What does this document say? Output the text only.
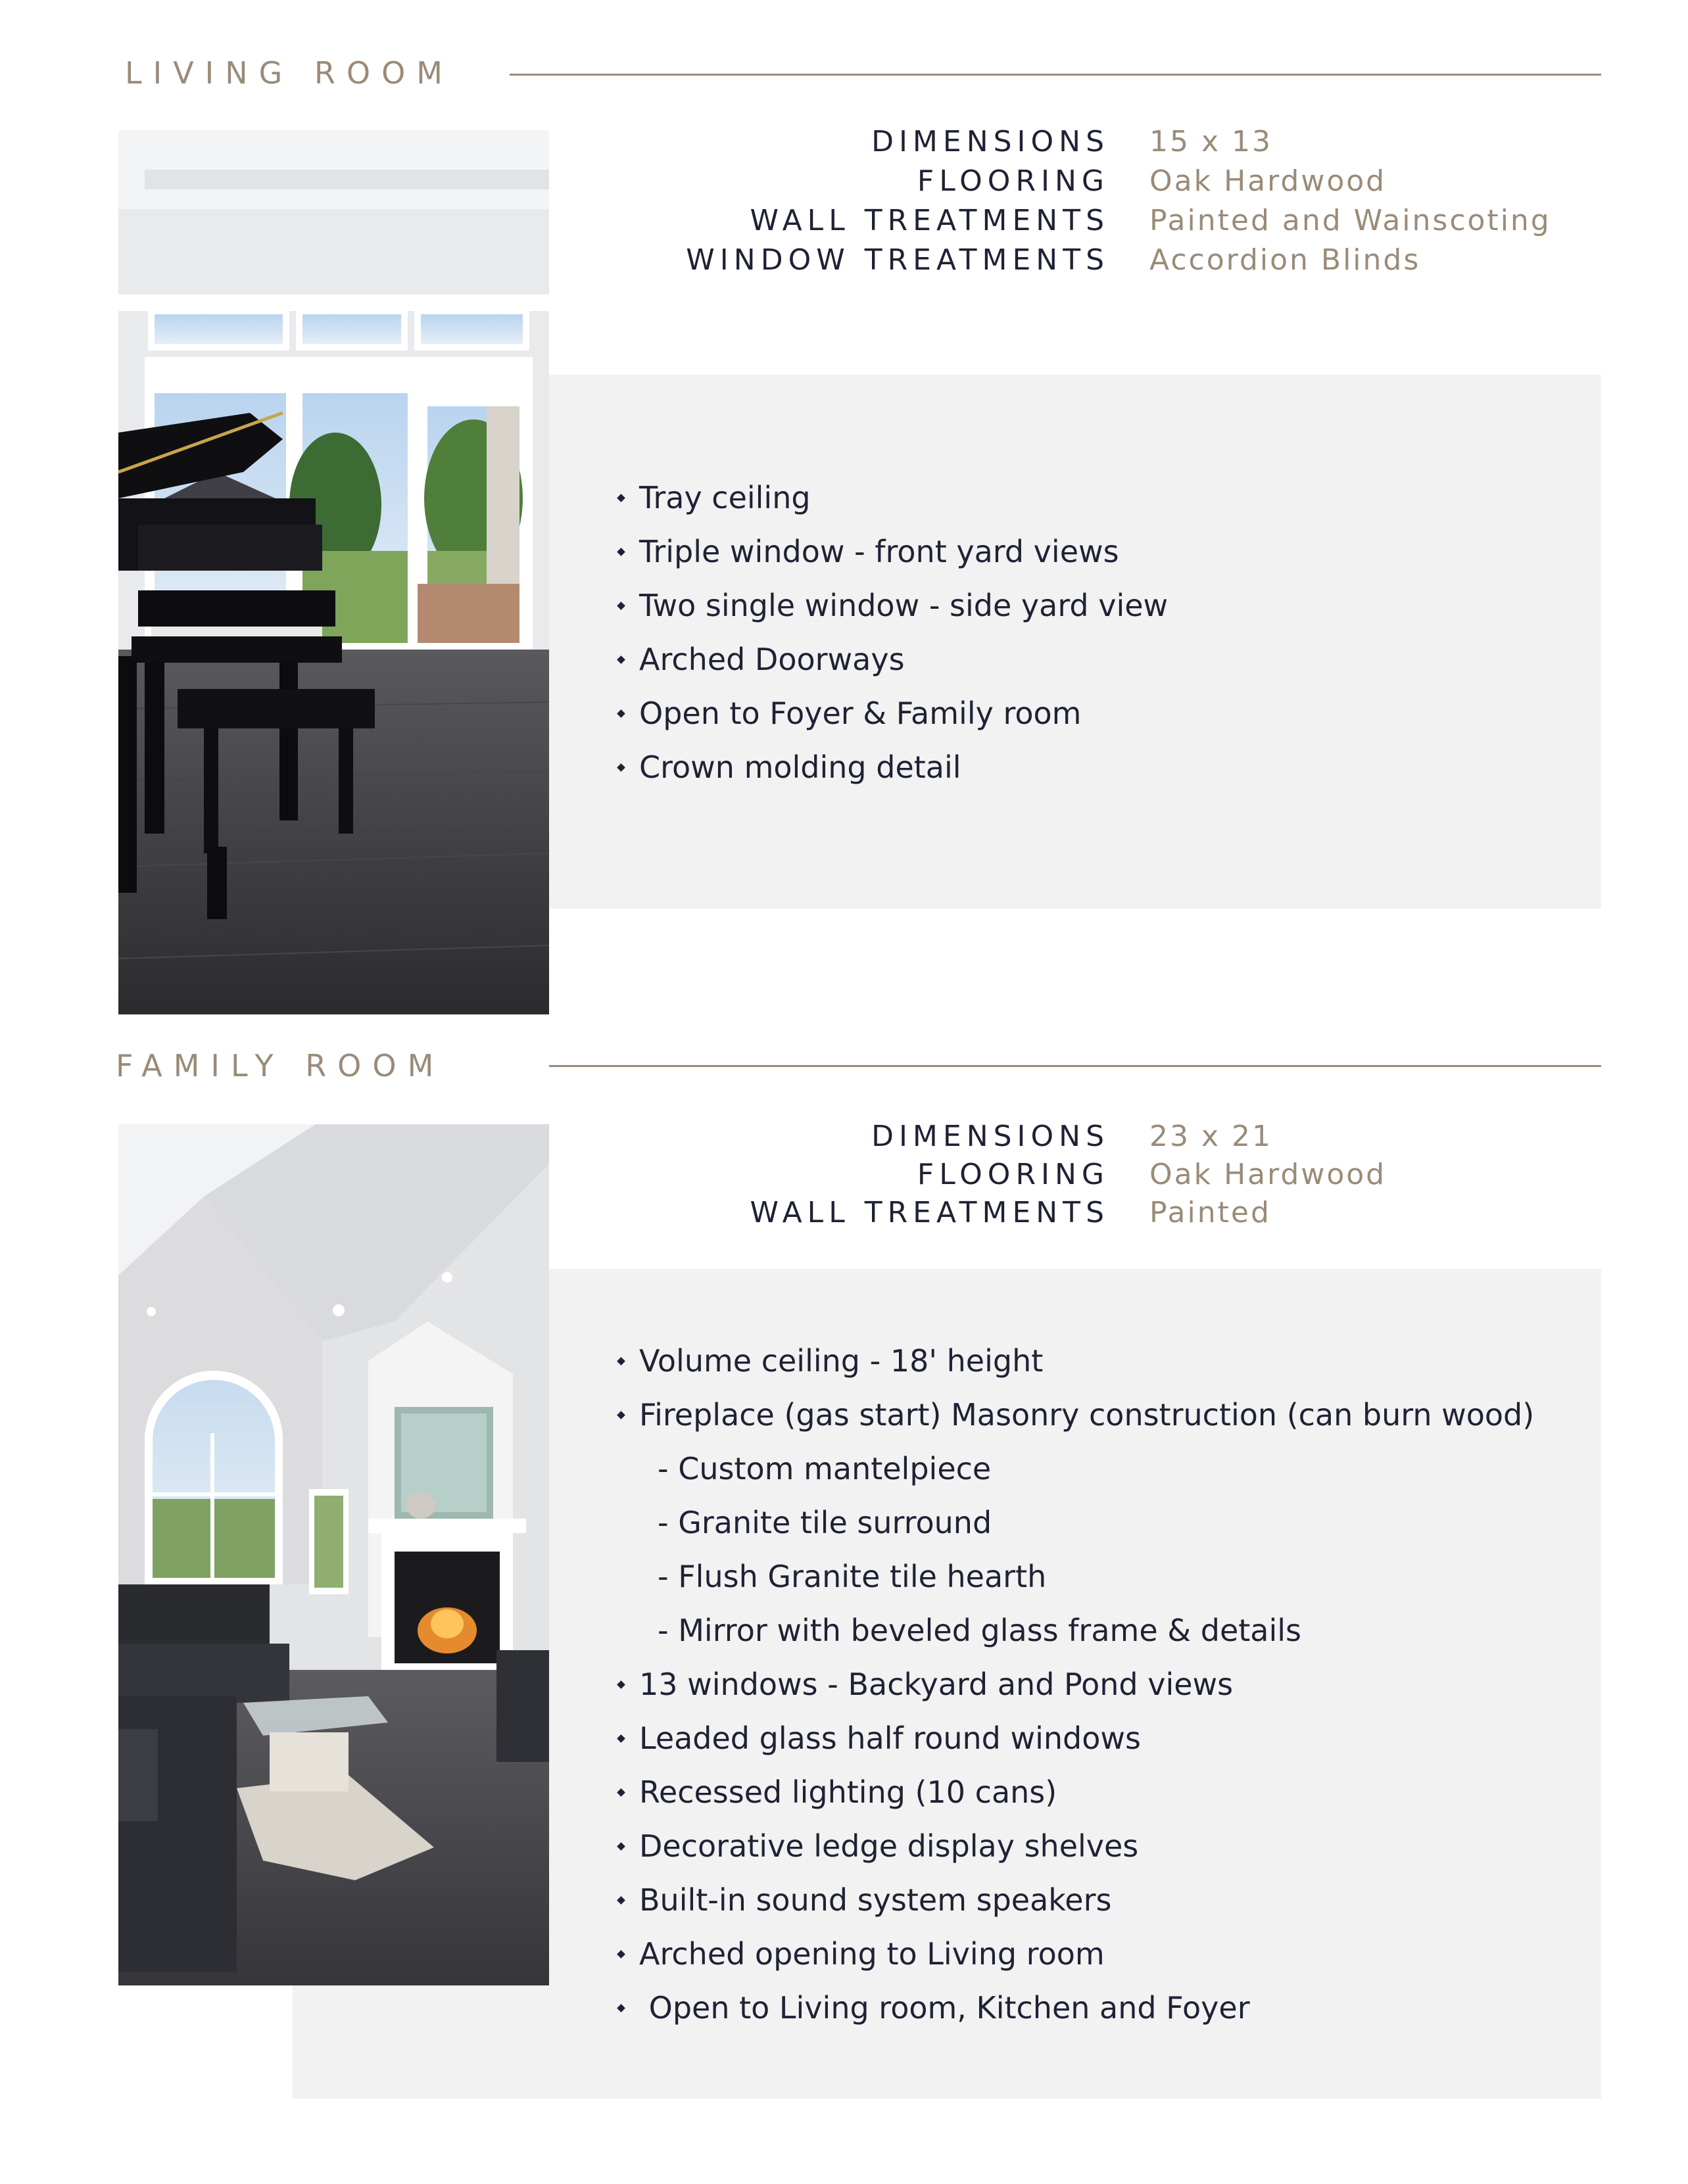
LIVING ROOM
DIMENSIONS 15 x 13
FLOORING Oak Hardwood
WALL TREATMENTS Painted and Wainscoting
WINDOW TREATMENTS Accordion Blinds
Tray ceiling
Triple window - front yard views
Two single window - side yard view
Arched Doorways
Open to Foyer & Family room
Crown molding detail
FAMILY ROOM
DIMENSIONS 23 x 21
FLOORING Oak Hardwood
WALL TREATMENTS Painted
Volume ceiling - 18' height
Fireplace (gas start) Masonry construction (can burn wood)
- Custom mantelpiece
- Granite tile surround
- Flush Granite tile hearth
- Mirror with beveled glass frame & details
13 windows - Backyard and Pond views
Leaded glass half round windows
Recessed lighting (10 cans)
Decorative ledge display shelves
Built-in sound system speakers
Arched opening to Living room
Open to Living room, Kitchen and Foyer
